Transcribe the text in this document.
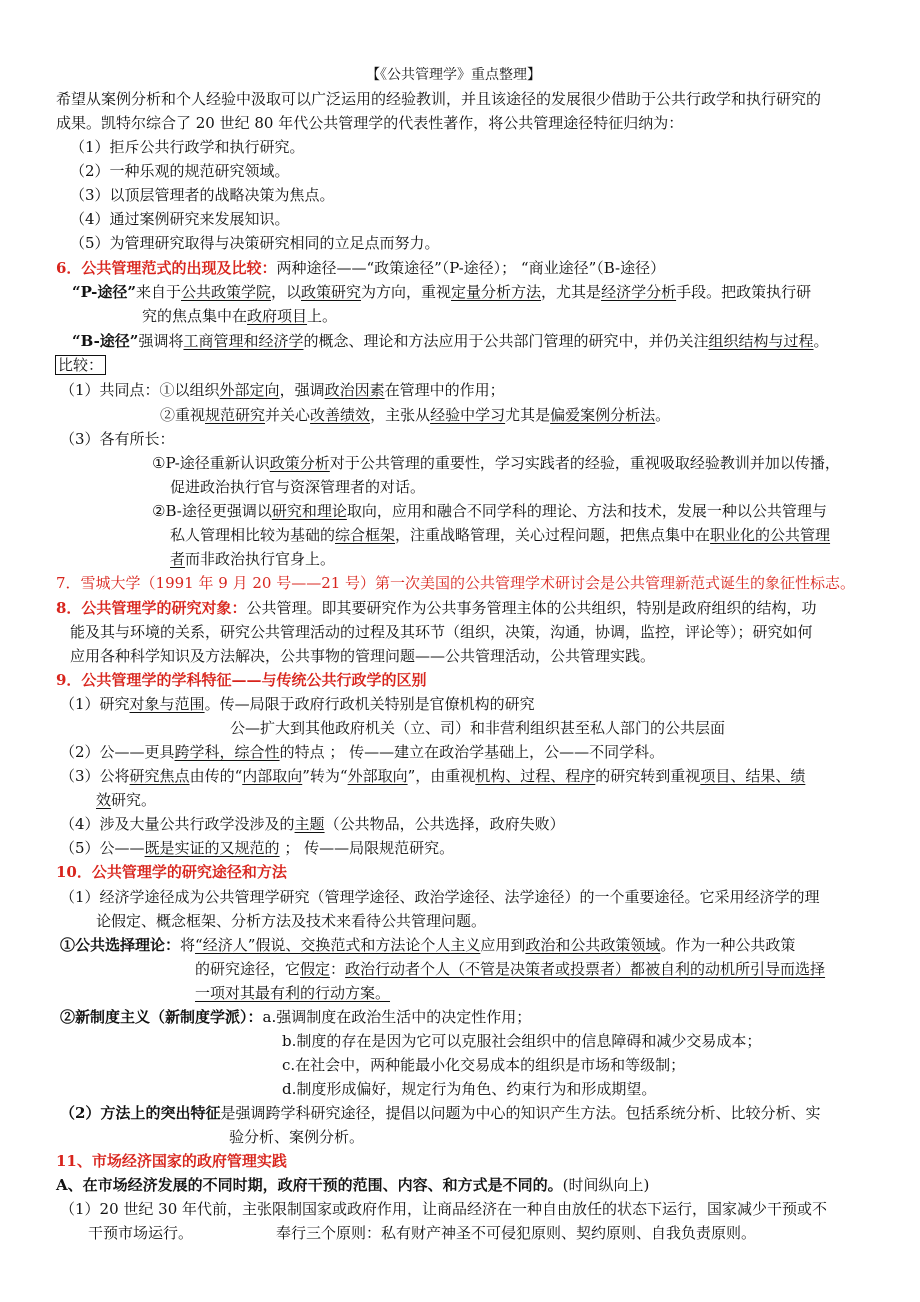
【《公共管理学》重点整理】
希望从案例分析和个人经验中汲取可以广泛运用的经验教训，并且该途径的发展很少借助于公共行政学和执行研究的
成果。凯特尔综合了 20 世纪 80 年代公共管理学的代表性著作，将公共管理途径特征归纳为：
（1）拒斥公共行政学和执行研究。
（2）一种乐观的规范研究领域。
（3）以顶层管理者的战略决策为焦点。
（4）通过案例研究来发展知识。
（5）为管理研究取得与决策研究相同的立足点而努力。
6．公共管理范式的出现及比较：两种途径——“政策途径”（P-途径）； “商业途径”（B-途径）
“P-途径”来自于公共政策学院，以政策研究为方向，重视定量分析方法，尤其是经济学分析手段。把政策执行研
究的焦点集中在政府项目上。
“B-途径”强调将工商管理和经济学的概念、理论和方法应用于公共部门管理的研究中，并仍关注组织结构与过程。
比较：
（1）共同点：①以组织外部定向，强调政治因素在管理中的作用；
②重视规范研究并关心改善绩效，主张从经验中学习尤其是偏爱案例分析法。
（3）各有所长：
①P-途径重新认识政策分析对于公共管理的重要性，学习实践者的经验，重视吸取经验教训并加以传播，
促进政治执行官与资深管理者的对话。
②B-途径更强调以研究和理论取向，应用和融合不同学科的理论、方法和技术，发展一种以公共管理与
私人管理相比较为基础的综合框架，注重战略管理，关心过程问题，把焦点集中在职业化的公共管理
者而非政治执行官身上。
7．雪城大学（1991 年 9 月 20 号——21 号）第一次美国的公共管理学术研讨会是公共管理新范式诞生的象征性标志。
8．公共管理学的研究对象：公共管理。即其要研究作为公共事务管理主体的公共组织，特别是政府组织的结构，功
能及其与环境的关系，研究公共管理活动的过程及其环节（组织，决策，沟通，协调，监控，评论等）；研究如何
应用各种科学知识及方法解决，公共事物的管理问题——公共管理活动，公共管理实践。
9．公共管理学的学科特征——与传统公共行政学的区别
（1）研究对象与范围。传—局限于政府行政机关特别是官僚机构的研究
公—扩大到其他政府机关（立、司）和非营利组织甚至私人部门的公共层面
（2）公——更具跨学科，综合性的特点 ； 传——建立在政治学基础上，公——不同学科。
（3）公将研究焦点由传的“内部取向”转为“外部取向”，由重视机构、过程、程序的研究转到重视项目、结果、绩
效研究。
（4）涉及大量公共行政学没涉及的主题（公共物品，公共选择，政府失败）
（5）公——既是实证的又规范的 ； 传——局限规范研究。
10．公共管理学的研究途径和方法
（1）经济学途径成为公共管理学研究（管理学途径、政治学途径、法学途径）的一个重要途径。它采用经济学的理
论假定、概念框架、分析方法及技术来看待公共管理问题。
①公共选择理论：将“经济人”假说、交换范式和方法论个人主义应用到政治和公共政策领域。作为一种公共政策
的研究途径，它假定：政治行动者个人（不管是决策者或投票者）都被自利的动机所引导而选择
一项对其最有利的行动方案。
②新制度主义（新制度学派）：a.强调制度在政治生活中的决定性作用；
b.制度的存在是因为它可以克服社会组织中的信息障碍和减少交易成本；
c.在社会中，两种能最小化交易成本的组织是市场和等级制；
d.制度形成偏好，规定行为角色、约束行为和形成期望。
（2）方法上的突出特征是强调跨学科研究途径，提倡以问题为中心的知识产生方法。包括系统分析、比较分析、实
验分析、案例分析。
11、市场经济国家的政府管理实践
A、在市场经济发展的不同时期，政府干预的范围、内容、和方式是不同的。(时间纵向上)
（1）20 世纪 30 年代前，主张限制国家或政府作用，让商品经济在一种自由放任的状态下运行，国家减少干预或不
干预市场运行。	奉行三个原则：私有财产神圣不可侵犯原则、契约原则、自我负责原则。
